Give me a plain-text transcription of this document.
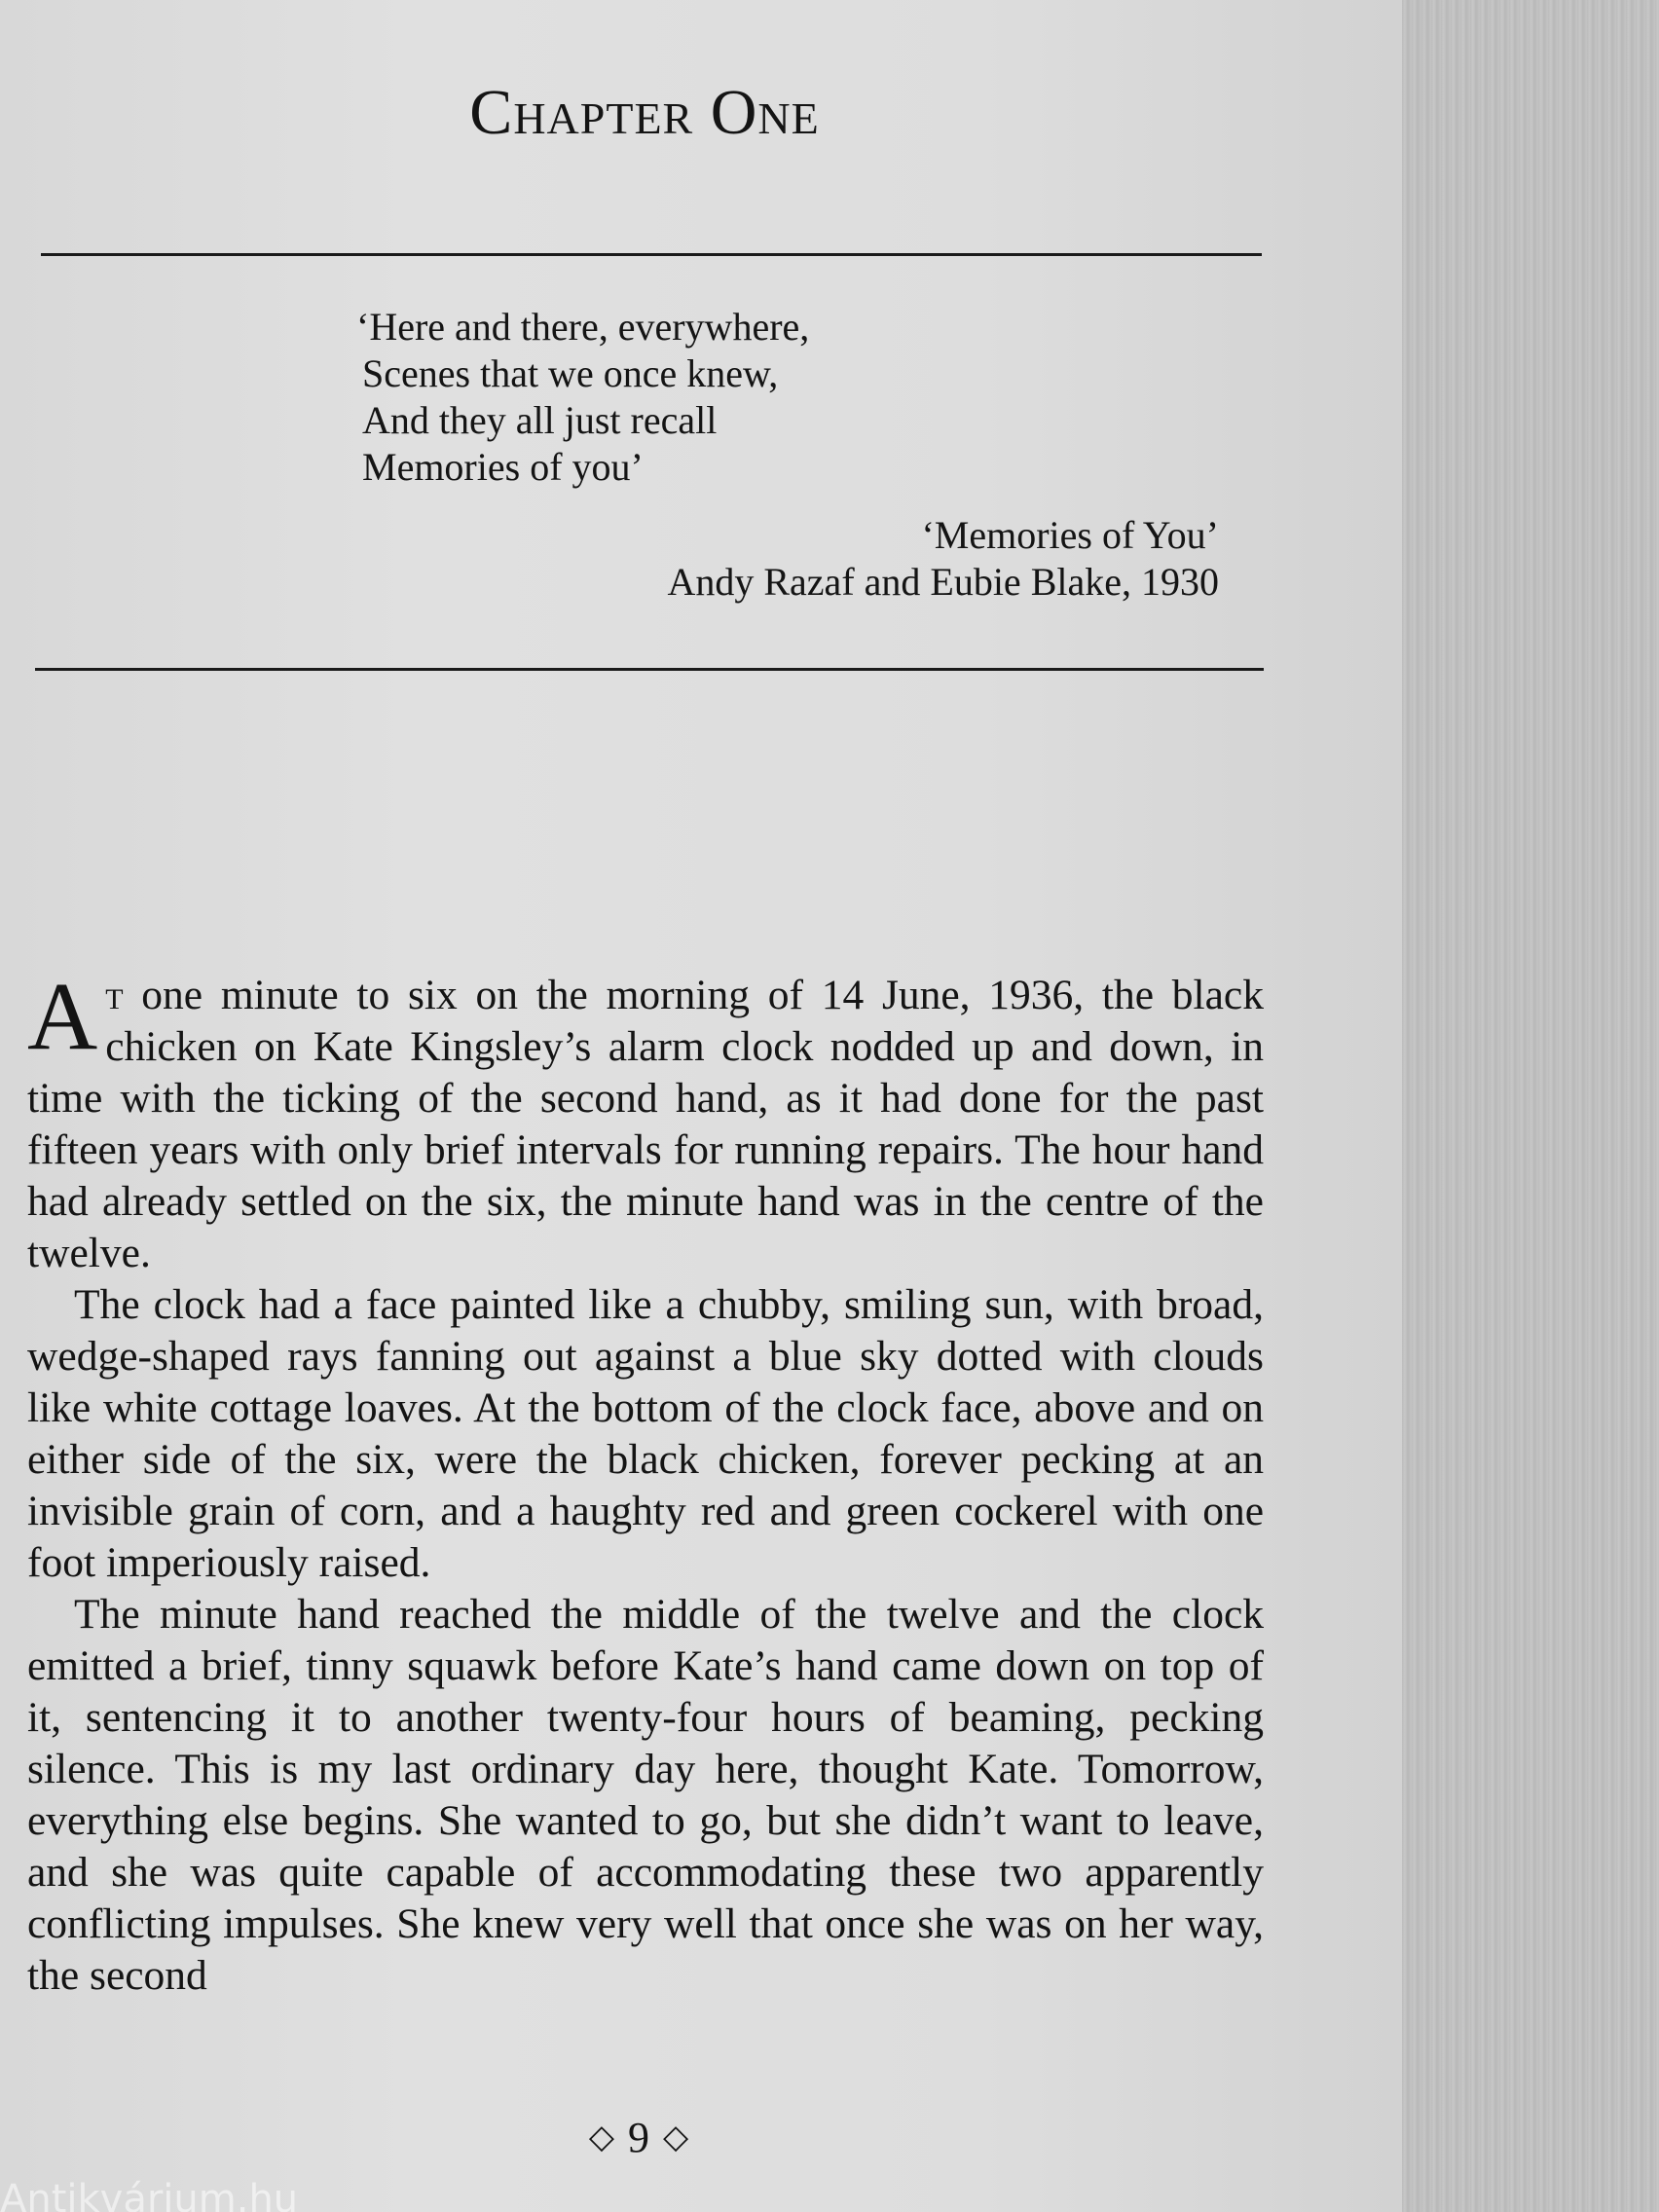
Chapter One
‘Here and there, everywhere,
Scenes that we once knew,
And they all just recall
Memories of you’
‘Memories of You’
Andy Razaf and Eubie Blake, 1930

At one minute to six on the morning of 14 June, 1936, the black chicken on Kate Kingsley’s alarm clock nodded up and down, in time with the ticking of the second hand, as it had done for the past fifteen years with only brief intervals for running repairs. The hour hand had already settled on the six, the minute hand was in the centre of the twelve.

The clock had a face painted like a chubby, smiling sun, with broad, wedge-shaped rays fanning out against a blue sky dotted with clouds like white cottage loaves. At the bottom of the clock face, above and on either side of the six, were the black chicken, forever pecking at an invisible grain of corn, and a haughty red and green cockerel with one foot imperiously raised.

The minute hand reached the middle of the twelve and the clock emitted a brief, tinny squawk before Kate’s hand came down on top of it, sentencing it to another twenty-four hours of beaming, pecking silence. This is my last ordinary day here, thought Kate. Tomorrow, everything else begins. She wanted to go, but she didn’t want to leave, and she was quite capable of accommodating these two apparently conflicting impulses. She knew very well that once she was on her way, the second

◇ 9 ◇
Antikvárium.hu
